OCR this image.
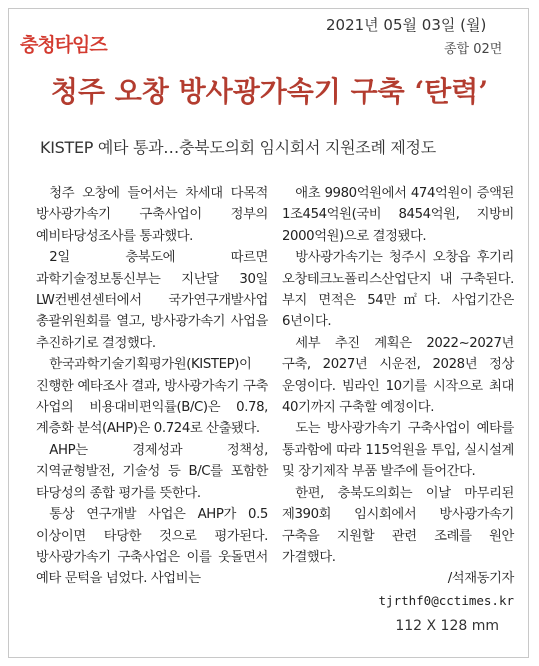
충청타임즈
2021년 05월 03일 (월)
종합 02면
청주 오창 방사광가속기 구축 ‘탄력’
KISTEP 예타 통과…충북도의회 임시회서 지원조례 제정도

청주 오창에 들어서는 차세대 다목적 방사광가속기 구축사업이 정부의 예비타당성조사를 통과했다.

2일 충북도에 따르면 과학기술정보통신부는 지난달 30일 LW컨벤션센터에서 국가연구개발사업 총괄위원회를 열고, 방사광가속기 사업을 추진하기로 결정했다.

한국과학기술기획평가원(KISTEP)이 진행한 예타조사 결과, 방사광가속기 구축 사업의 비용대비편익률(B/C)은 0.78, 계층화 분석(AHP)은 0.724로 산출됐다.

AHP는 경제성과 정책성, 지역균형발전, 기술성 등 B/C를 포함한 타당성의 종합 평가를 뜻한다.

통상 연구개발 사업은 AHP가 0.5 이상이면 타당한 것으로 평가된다. 방사광가속기 구축사업은 이를 웃돌면서 예타 문턱을 넘었다. 사업비는

애초 9980억원에서 474억원이 증액된 1조454억원(국비 8454억원, 지방비 2000억원)으로 결정됐다.

방사광가속기는 청주시 오창읍 후기리 오창테크노폴리스산업단지 내 구축된다. 부지 면적은 54만㎡다. 사업기간은 6년이다.

세부 추진 계획은 2022~2027년 구축, 2027년 시운전, 2028년 정상 운영이다. 빔라인 10기를 시작으로 최대 40기까지 구축할 예정이다.

도는 방사광가속기 구축사업이 예타를 통과함에 따라 115억원을 투입, 실시설계 및 장기제작 부품 발주에 들어간다.

한편, 충북도의회는 이날 마무리된 제390회 임시회에서 방사광가속기 구축을 지원할 관련 조례를 원안 가결했다.

/석재동기자
tjrthf0@cctimes.kr
112 X 128 mm
